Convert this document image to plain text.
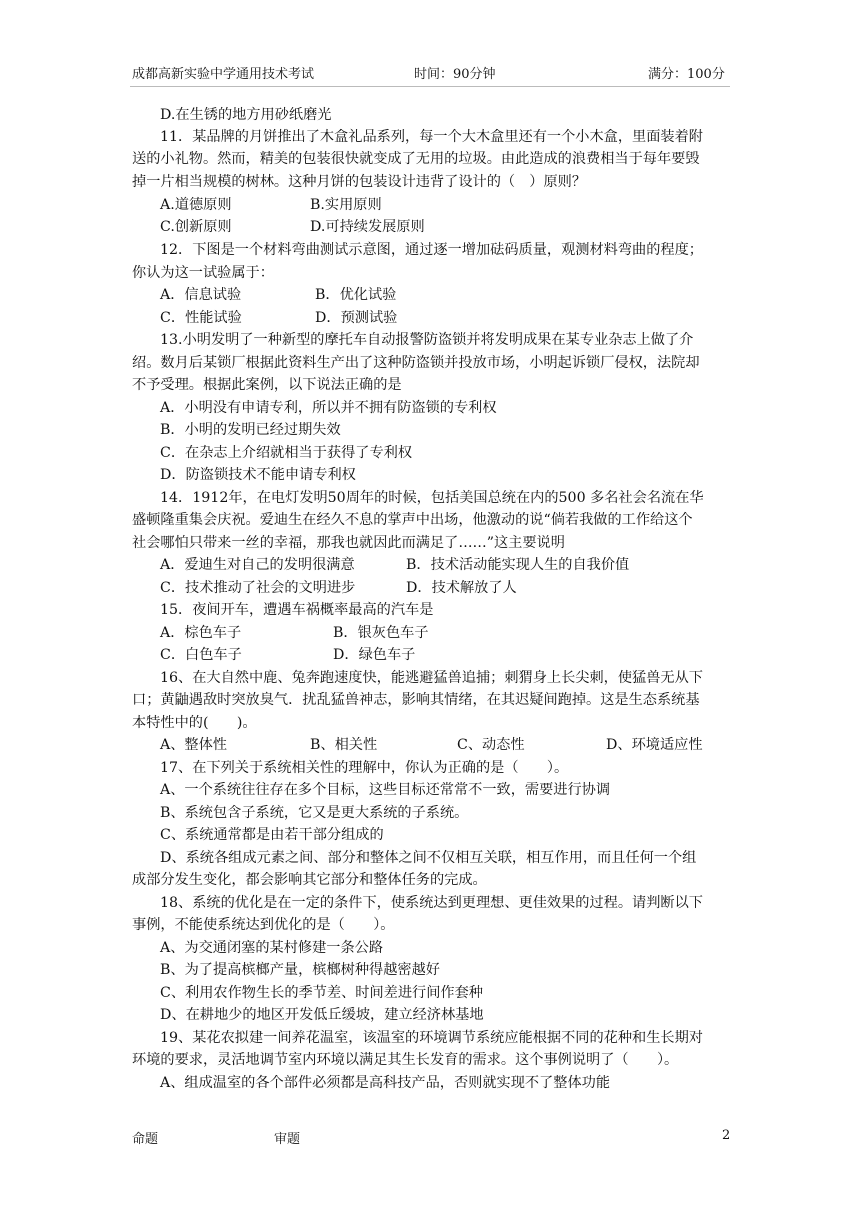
成都高新实验中学通用技术考试	时间：90分钟	满分：100分
D.在生锈的地方用砂纸磨光
11．某品牌的月饼推出了木盒礼品系列，每一个大木盒里还有一个小木盒，里面装着附
送的小礼物。然而，精美的包装很快就变成了无用的垃圾。由此造成的浪费相当于每年要毁
掉一片相当规模的树林。这种月饼的包装设计违背了设计的（　）原则？
A.道德原则	B.实用原则
C.创新原则	D.可持续发展原则
12．下图是一个材料弯曲测试示意图，通过逐一增加砝码质量，观测材料弯曲的程度；
你认为这一试验属于：
A．信息试验	B．优化试验
C．性能试验	D．预测试验
13.小明发明了一种新型的摩托车自动报警防盗锁并将发明成果在某专业杂志上做了介
绍。数月后某锁厂根据此资料生产出了这种防盗锁并投放市场，小明起诉锁厂侵权，法院却
不予受理。根据此案例，以下说法正确的是
A．小明没有申请专利，所以并不拥有防盗锁的专利权
B．小明的发明已经过期失效
C．在杂志上介绍就相当于获得了专利权
D．防盗锁技术不能申请专利权
14．1912年，在电灯发明50周年的时候，包括美国总统在内的500 多名社会名流在华
盛顿隆重集会庆祝。爱迪生在经久不息的掌声中出场，他激动的说“倘若我做的工作给这个
社会哪怕只带来一丝的幸福，那我也就因此而满足了……”这主要说明
A．爱迪生对自己的发明很满意	B．技术活动能实现人生的自我价值
C．技术推动了社会的文明进步	D．技术解放了人
15．夜间开车，遭遇车祸概率最高的汽车是
A．棕色车子	B．银灰色车子
C．白色车子	D．绿色车子
16、在大自然中鹿、兔奔跑速度快，能逃避猛兽追捕；刺猬身上长尖刺，使猛兽无从下
口；黄鼬遇敌时突放臭气．扰乱猛兽神志，影响其情绪，在其迟疑间跑掉。这是生态系统基
本特性中的(　　)。
A、整体性	B、相关性	C、动态性	D、环境适应性
17、在下列关于系统相关性的理解中，你认为正确的是（　　）。
A、一个系统往往存在多个目标，这些目标还常常不一致，需要进行协调
B、系统包含子系统，它又是更大系统的子系统。
C、系统通常都是由若干部分组成的
D、系统各组成元素之间、部分和整体之间不仅相互关联，相互作用，而且任何一个组
成部分发生变化，都会影响其它部分和整体任务的完成。
18、系统的优化是在一定的条件下，使系统达到更理想、更佳效果的过程。请判断以下
事例，不能使系统达到优化的是（　　）。
A、为交通闭塞的某村修建一条公路
B、为了提高槟榔产量，槟榔树种得越密越好
C、利用农作物生长的季节差、时间差进行间作套种
D、在耕地少的地区开发低丘缓坡，建立经济林基地
19、某花农拟建一间养花温室，该温室的环境调节系统应能根据不同的花种和生长期对
环境的要求，灵活地调节室内环境以满足其生长发育的需求。这个事例说明了（　　）。
A、组成温室的各个部件必须都是高科技产品，否则就实现不了整体功能
命题	审题	2
